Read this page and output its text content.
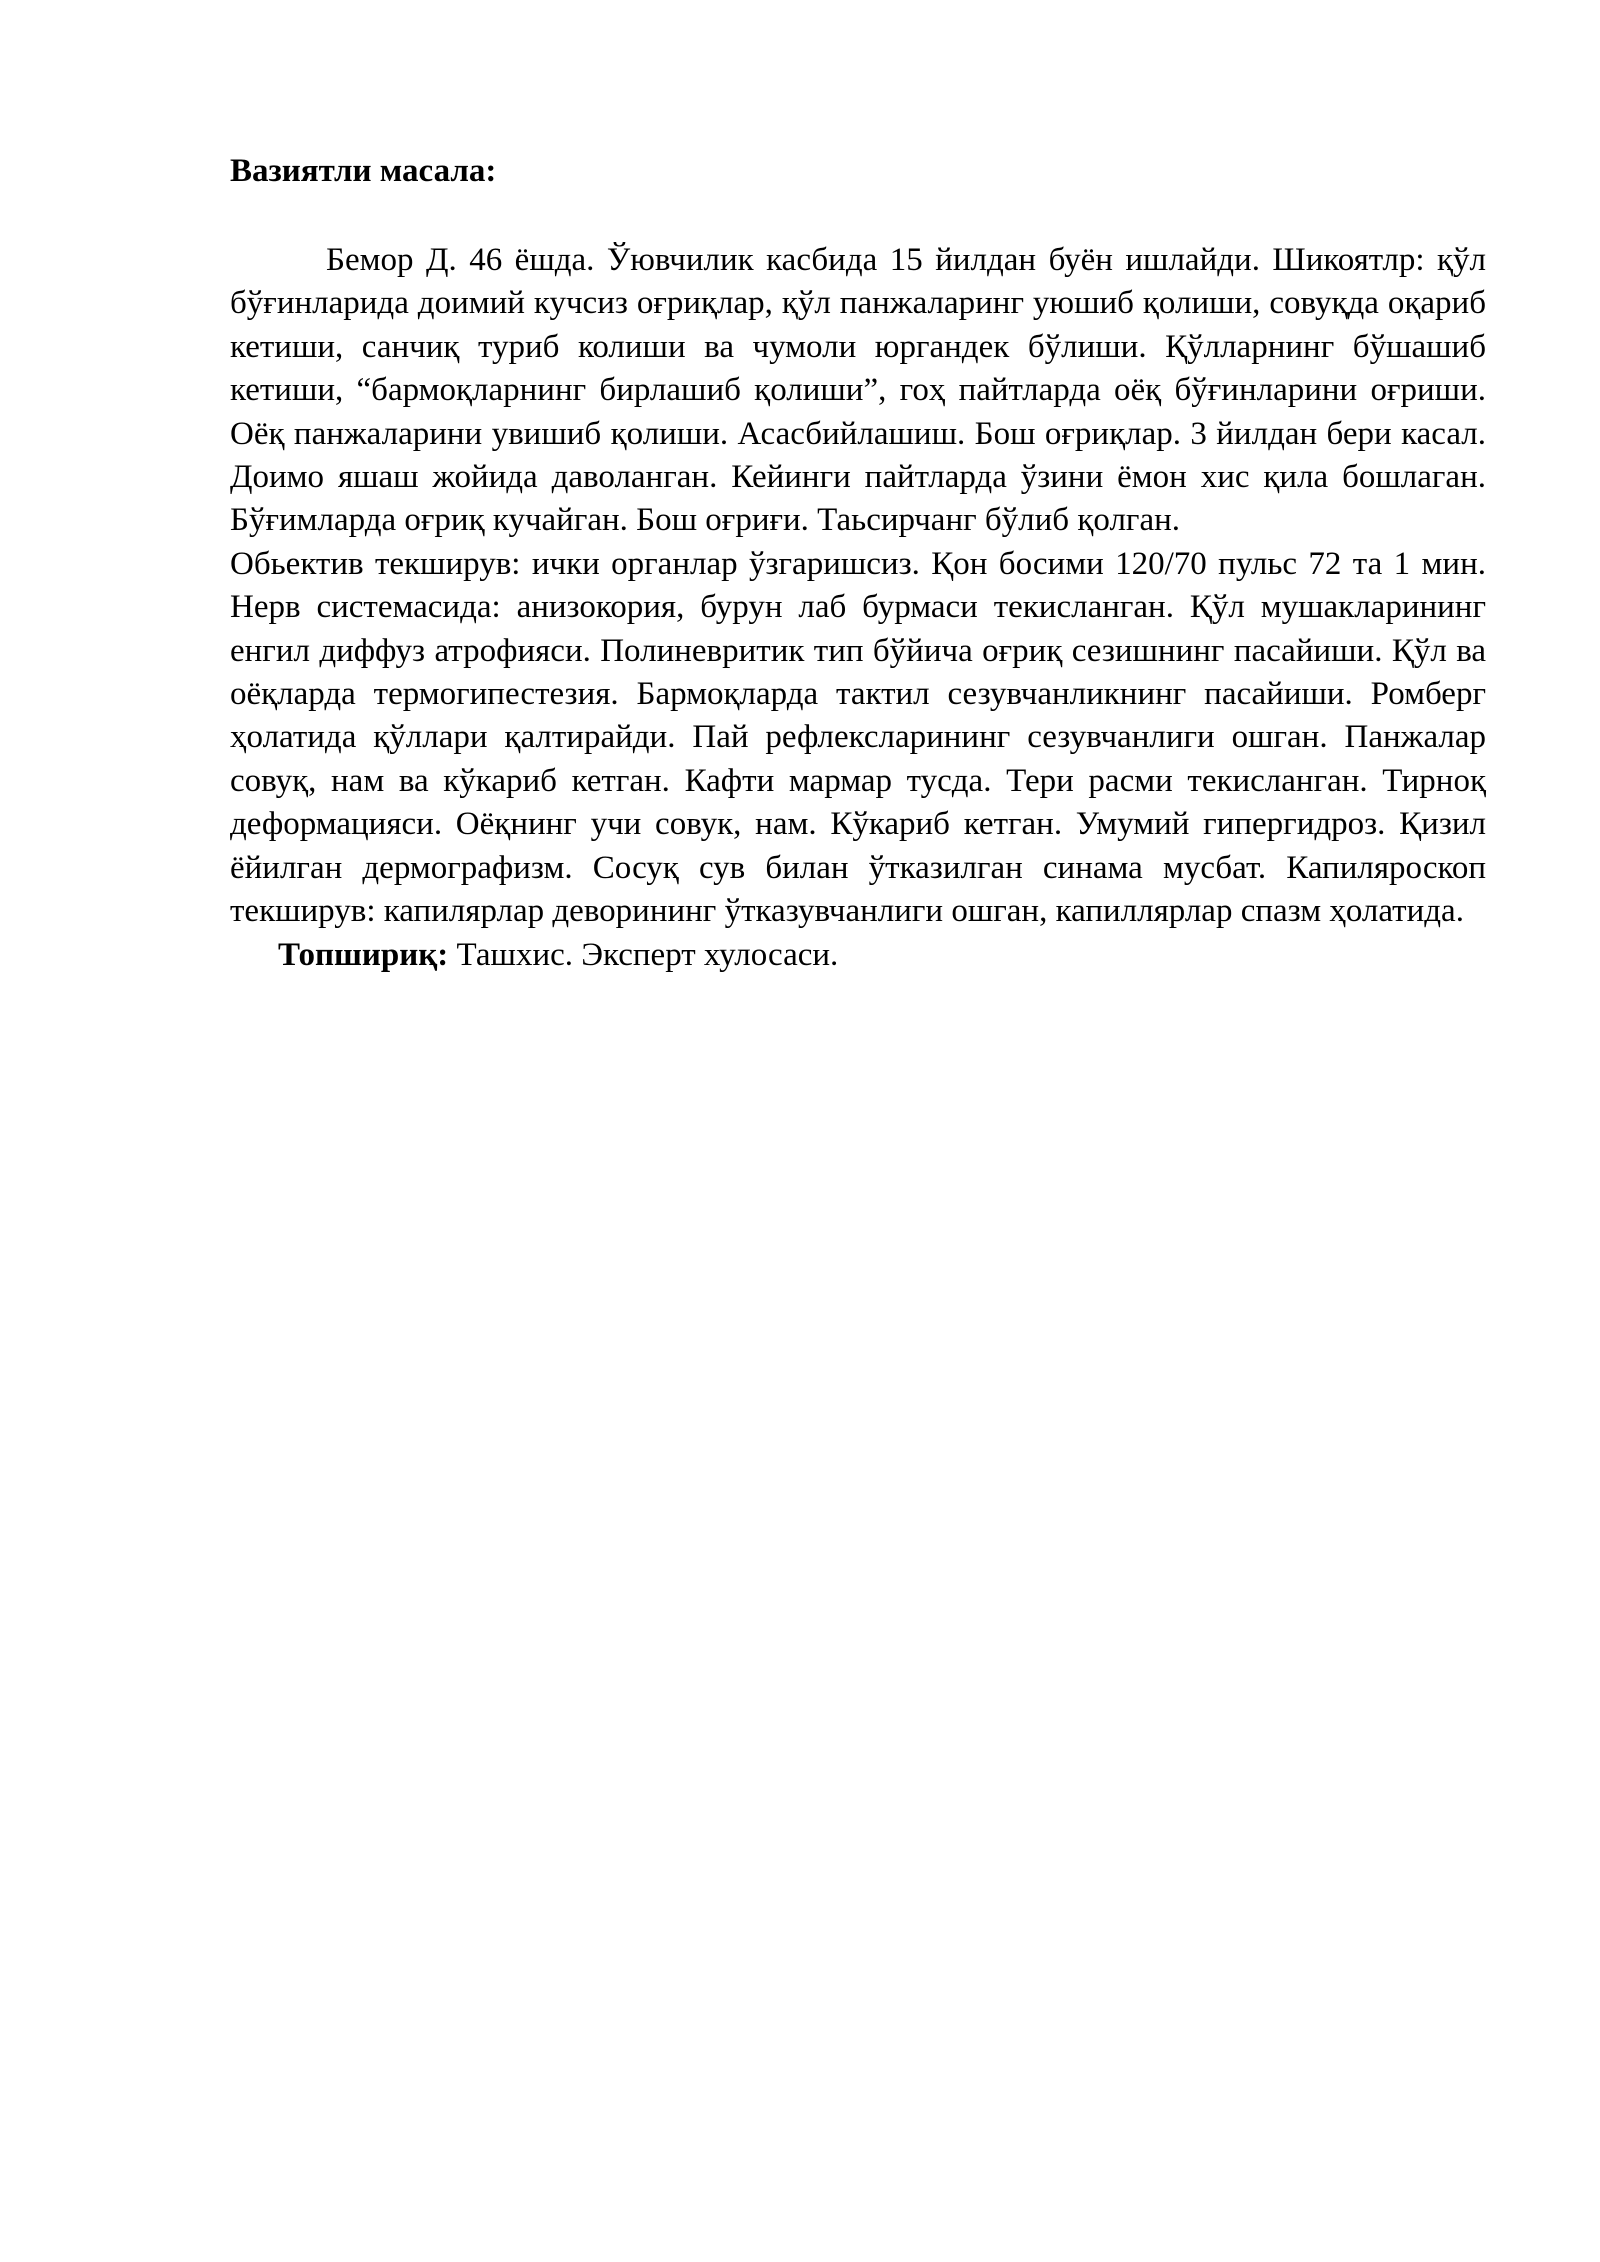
Вазиятли масала:

Бемор Д. 46 ёшда. Ўювчилик касбида 15 йилдан буён ишлайди. Шикоятлр: қўл бўғинларида доимий кучсиз оғриқлар, қўл панжаларинг уюшиб қолиши, совуқда оқариб кетиши, санчиқ туриб колиши ва чумоли юргандек бўлиши. Қўлларнинг бўшашиб кетиши, “бармоқларнинг бирлашиб қолиши”, гоҳ пайтларда оёқ бўғинларини оғриши. Оёқ панжаларини увишиб қолиши. Асасбийлашиш. Бош оғриқлар. 3 йилдан бери касал. Доимо яшаш жойида даволанган. Кейинги пайтларда ўзини ёмон хис қила бошлаган. Бўғимларда оғриқ кучайган. Бош оғриғи. Таьсирчанг бўлиб қолган.

Обьектив текширув: ички органлар ўзгаришсиз. Қон босими 120/70 пульс 72 та 1 мин. Нерв системасида: анизокория, бурун лаб бурмаси текисланган. Қўл мушакларининг енгил диффуз атрофияси. Полиневритик тип бўйича оғриқ сезишнинг пасайиши. Қўл ва оёқларда термогипестезия. Бармоқларда тактил сезувчанликнинг пасайиши. Ромберг ҳолатида қўллари қалтирайди. Пай рефлексларининг сезувчанлиги ошган. Панжалар совуқ, нам ва кўкариб кетган. Кафти мармар тусда. Тери расми текисланган. Тирноқ деформацияси. Оёқнинг учи совук, нам. Кўкариб кетган. Умумий гипергидроз. Қизил ёйилган дермографизм. Сосуқ сув билан ўтказилган синама мусбат. Капиляроскоп текширув: капилярлар деворининг ўтказувчанлиги ошган, капиллярлар спазм ҳолатида.

Топшириқ: Ташхис. Эксперт хулосаси.
